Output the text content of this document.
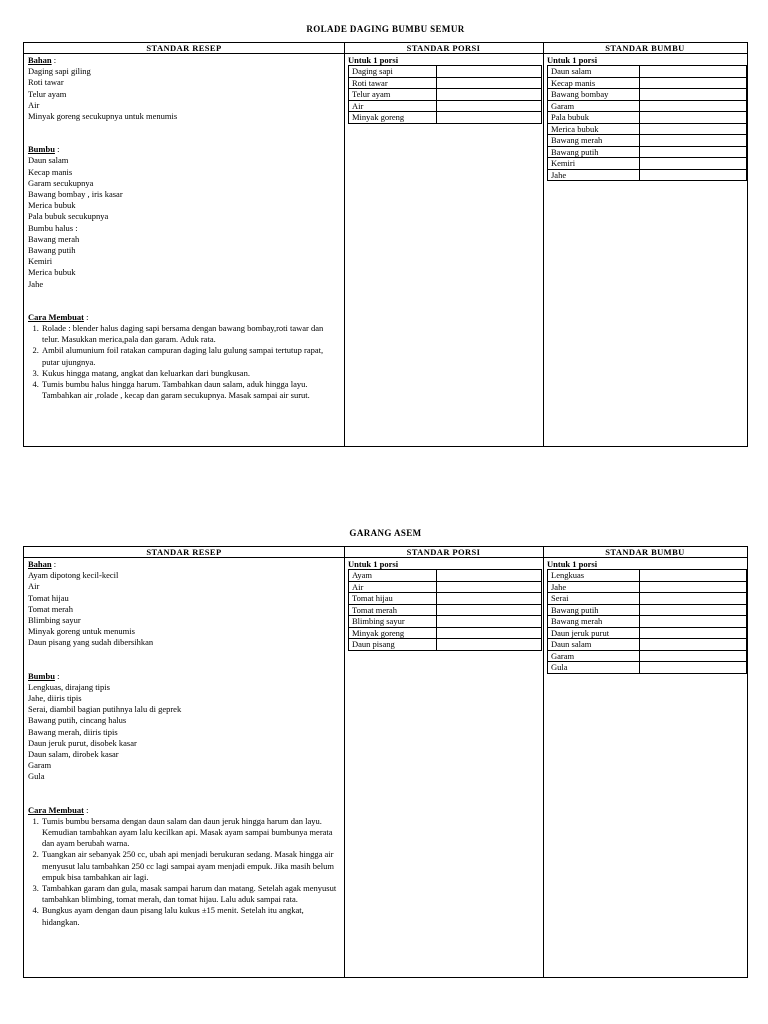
ROLADE DAGING BUMBU SEMUR
STANDAR RESEP
Bahan :
Daging sapi giling
Roti tawar
Telur ayam
Air
Minyak goreng secukupnya untuk menumis
Bumbu :
Daun salam
Kecap manis
Garam secukupnya
Bawang bombay , iris kasar
Merica bubuk
Pala bubuk secukupnya
Bumbu halus :
Bawang merah
Bawang putih
Kemiri
Merica bubuk
Jahe
Cara Membuat :
1. Rolade : blender halus daging sapi bersama dengan bawang bombay,roti tawar dan telur. Masukkan merica,pala dan garam. Aduk rata.
2. Ambil alumunium foil ratakan campuran daging lalu gulung sampai tertutup rapat, putar ujungnya.
3. Kukus hingga matang, angkat dan keluarkan dari bungkusan.
4. Tumis bumbu halus hingga harum. Tambahkan daun salam, aduk hingga layu. Tambahkan air ,rolade , kecap dan garam secukupnya. Masak sampai air surut.
STANDAR PORSI
Untuk 1 porsi
Daging sapi	
Roti tawar	
Telur ayam	
Air	
Minyak goreng	
STANDAR BUMBU
Untuk 1 porsi
Daun salam	
Kecap manis	
Bawang bombay	
Garam	
Pala bubuk	
Merica bubuk	
Bawang merah	
Bawang putih	
Kemiri	
Jahe	
GARANG ASEM
STANDAR RESEP
Bahan :
Ayam dipotong kecil-kecil
Air
Tomat hijau
Tomat merah
Blimbing sayur
Minyak goreng untuk menumis
Daun pisang yang sudah dibersihkan
Bumbu :
Lengkuas, dirajang tipis
Jahe, diiris tipis
Serai, diambil bagian putihnya lalu di geprek
Bawang putih, cincang halus
Bawang merah, diiris tipis
Daun jeruk purut, disobek kasar
Daun salam, dirobek kasar
Garam
Gula
Cara Membuat :
1. Tumis bumbu bersama dengan daun salam dan daun jeruk hingga harum dan layu. Kemudian tambahkan ayam lalu kecilkan api. Masak ayam sampai bumbunya merata dan ayam berubah warna.
2. Tuangkan air sebanyak 250 cc, ubah api menjadi berukuran sedang. Masak hingga air menyusut lalu tambahkan 250 cc lagi sampai ayam menjadi empuk. Jika masih belum empuk bisa tambahkan air lagi.
3. Tambahkan garam dan gula, masak sampai harum dan matang. Setelah agak menyusut tambahkan blimbing, tomat merah, dan tomat hijau. Lalu aduk sampai rata.
4. Bungkus ayam dengan daun pisang lalu kukus ±15 menit. Setelah itu angkat, hidangkan.
STANDAR PORSI
Untuk 1 porsi
Ayam	
Air	
Tomat hijau	
Tomat merah	
Blimbing sayur	
Minyak goreng	
Daun pisang	
STANDAR BUMBU
Untuk 1 porsi
Lengkuas	
Jahe	
Serai	
Bawang putih	
Bawang merah	
Daun jeruk purut	
Daun salam	
Garam	
Gula	
